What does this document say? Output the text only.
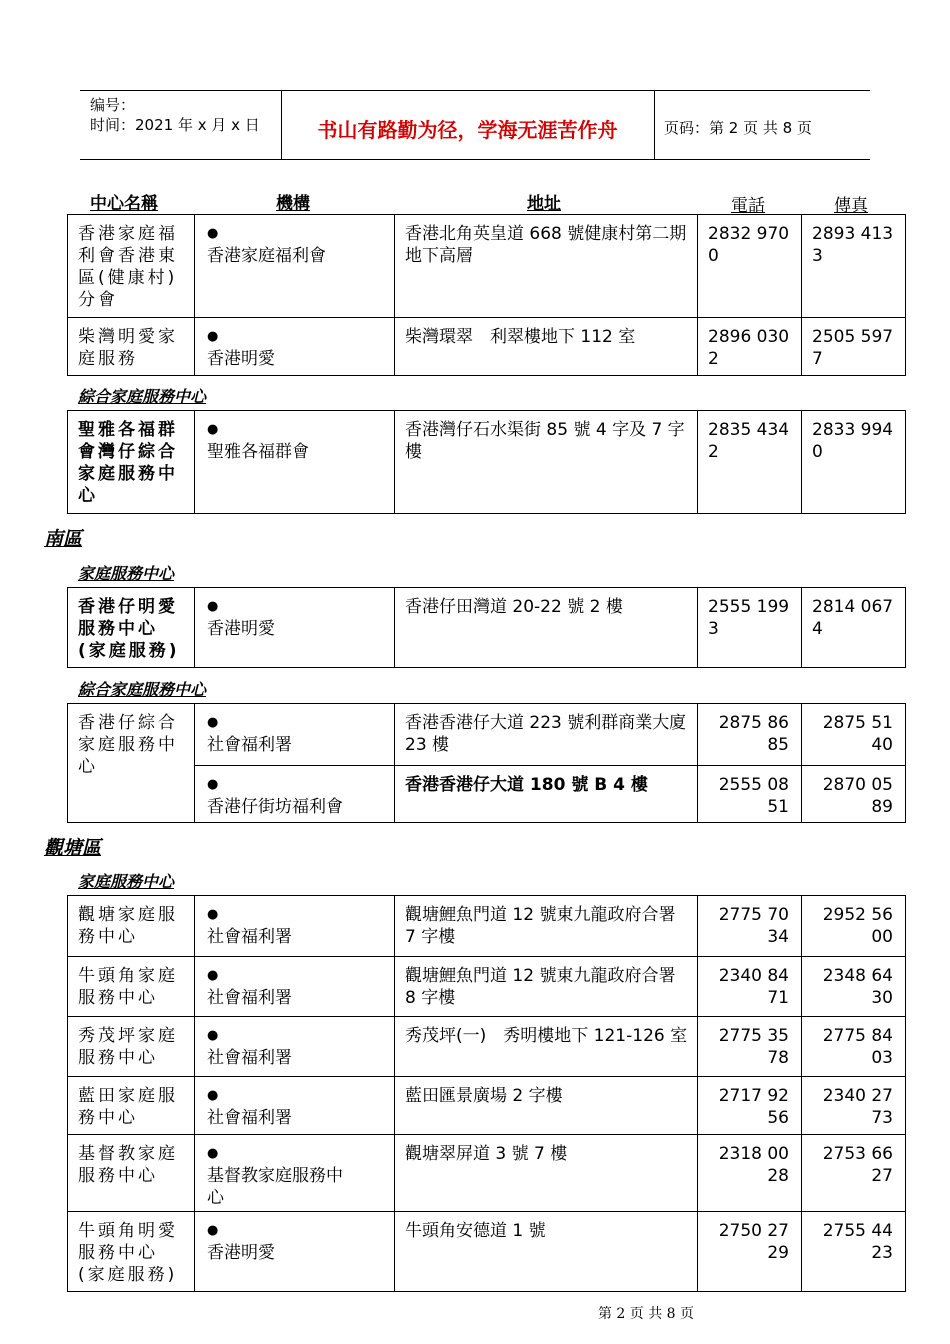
编号：
时间：2021 年 x 月 x 日	书山有路勤为径，学海无涯苦作舟	页码：第 2 页 共 8 页
中心名稱	機構	地址	電話	傳真
香港家庭福利會香港東區(健康村)分會	●香港家庭福利會	香港北角英皇道 668 號健康村第二期地下高層	2832 9700	2893 4133
柴灣明愛家庭服務	●香港明愛	柴灣環翠　利翠樓地下 112 室	2896 0302	2505 5977
綜合家庭服務中心
聖雅各福群會灣仔綜合家庭服務中心	●聖雅各福群會	香港灣仔石水渠街 85 號 4 字及 7 字樓	2835 4342	2833 9940
南區
家庭服務中心
香港仔明愛服務中心(家庭服務)	●香港明愛	香港仔田灣道 20-22 號 2 樓	2555 1993	2814 0674
綜合家庭服務中心
香港仔綜合家庭服務中心	●社會福利署	香港香港仔大道 223 號利群商業大廈 23 樓	2875 8685	2875 5140
	●香港仔街坊福利會	香港香港仔大道 180 號 B 4 樓	2555 0851	2870 0589
觀塘區
家庭服務中心
觀塘家庭服務中心	●社會福利署	觀塘鯉魚門道 12 號東九龍政府合署 7 字樓	2775 7034	2952 5600
牛頭角家庭服務中心	●社會福利署	觀塘鯉魚門道 12 號東九龍政府合署 8 字樓	2340 8471	2348 6430
秀茂坪家庭服務中心	●社會福利署	秀茂坪(一)　秀明樓地下 121-126 室	2775 3578	2775 8403
藍田家庭服務中心	●社會福利署	藍田匯景廣場 2 字樓	2717 9256	2340 2773
基督教家庭服務中心	●基督教家庭服務中心	觀塘翠屏道 3 號 7 樓	2318 0028	2753 6627
牛頭角明愛服務中心(家庭服務)	●香港明愛	牛頭角安德道 1 號	2750 2729	2755 4423
第 2 页 共 8 页
